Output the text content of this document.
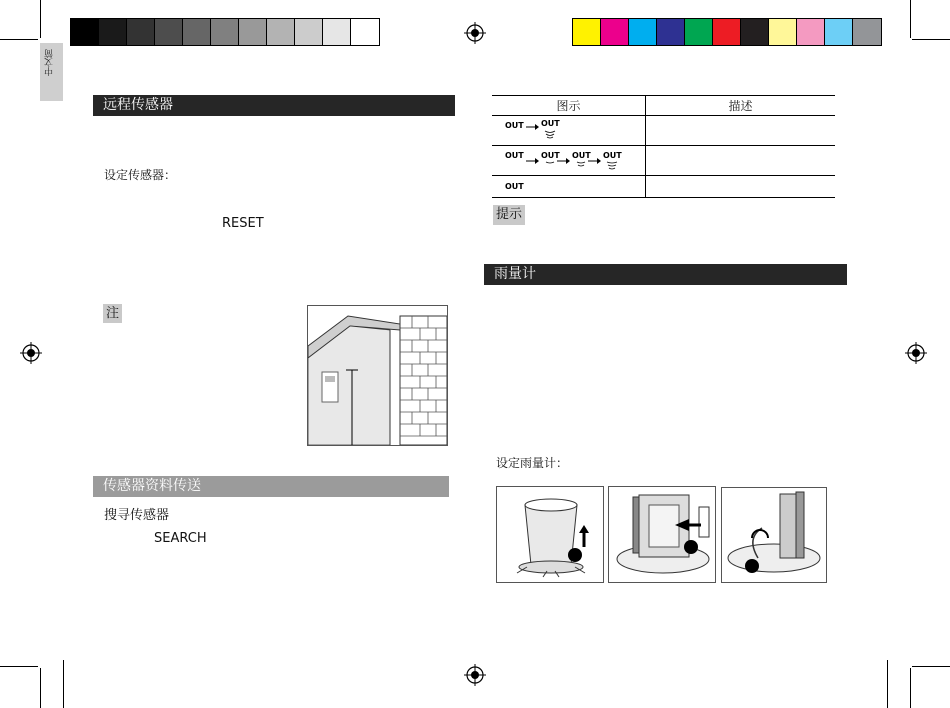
中文简
远程传感器
设定传感器：
RESET
注
传感器资料传送
搜寻传感器
SEARCH
图示	描述

OUT OUT	

OUT OUT OUT OUT	

OUT	

提示
雨量计
设定雨量计：
